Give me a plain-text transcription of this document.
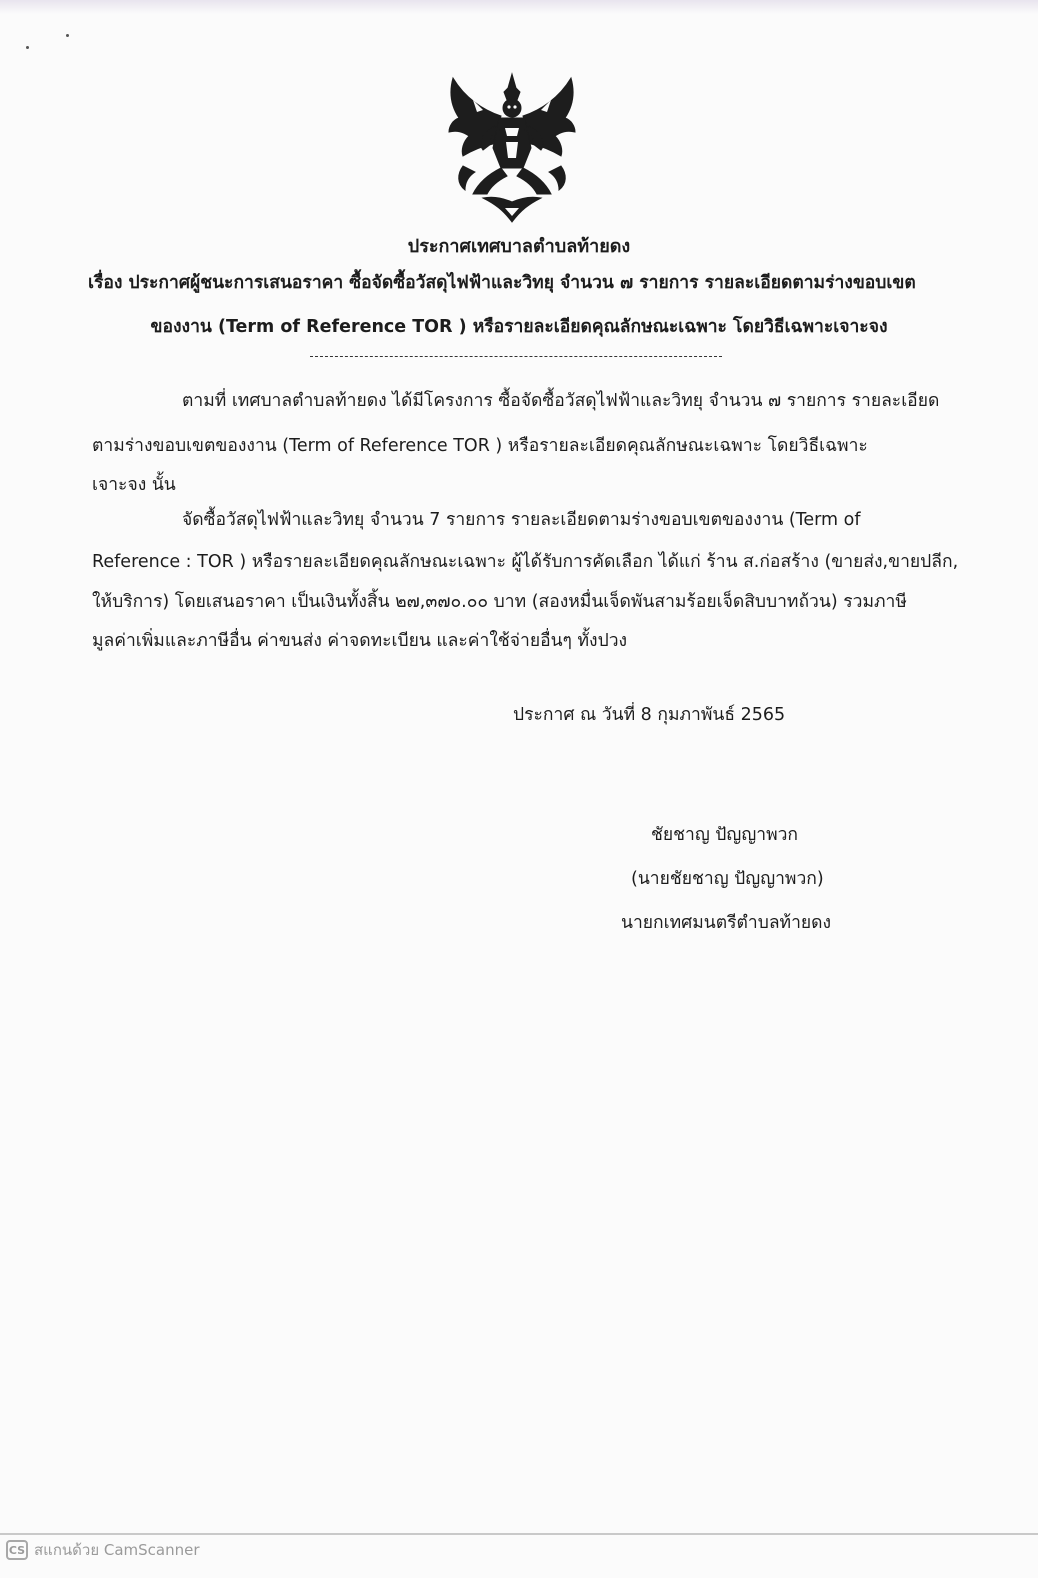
ประกาศเทศบาลตำบลท้ายดง
เรื่อง ประกาศผู้ชนะการเสนอราคา ซื้อจัดซื้อวัสดุไฟฟ้าและวิทยุ จำนวน ๗ รายการ รายละเอียดตามร่างขอบเขต
ของงาน (Term of Reference TOR ) หรือรายละเอียดคุณลักษณะเฉพาะ โดยวิธีเฉพาะเจาะจง
ตามที่ เทศบาลตำบลท้ายดง ได้มีโครงการ ซื้อจัดซื้อวัสดุไฟฟ้าและวิทยุ จำนวน ๗ รายการ รายละเอียด
ตามร่างขอบเขตของงาน (Term of Reference TOR ) หรือรายละเอียดคุณลักษณะเฉพาะ โดยวิธีเฉพาะ
เจาะจง นั้น
จัดซื้อวัสดุไฟฟ้าและวิทยุ จำนวน 7 รายการ รายละเอียดตามร่างขอบเขตของงาน (Term of
Reference : TOR ) หรือรายละเอียดคุณลักษณะเฉพาะ ผู้ได้รับการคัดเลือก ได้แก่ ร้าน ส.ก่อสร้าง (ขายส่ง,ขายปลีก,
ให้บริการ) โดยเสนอราคา เป็นเงินทั้งสิ้น ๒๗,๓๗๐.๐๐ บาท (สองหมื่นเจ็ดพันสามร้อยเจ็ดสิบบาทถ้วน) รวมภาษี
มูลค่าเพิ่มและภาษีอื่น ค่าขนส่ง ค่าจดทะเบียน และค่าใช้จ่ายอื่นๆ ทั้งปวง
ประกาศ ณ วันที่ 8 กุมภาพันธ์ 2565
ชัยชาญ ปัญญาพวก
(นายชัยชาญ ปัญญาพวก)
นายกเทศมนตรีตำบลท้ายดง
CS สแกนด้วย CamScanner
